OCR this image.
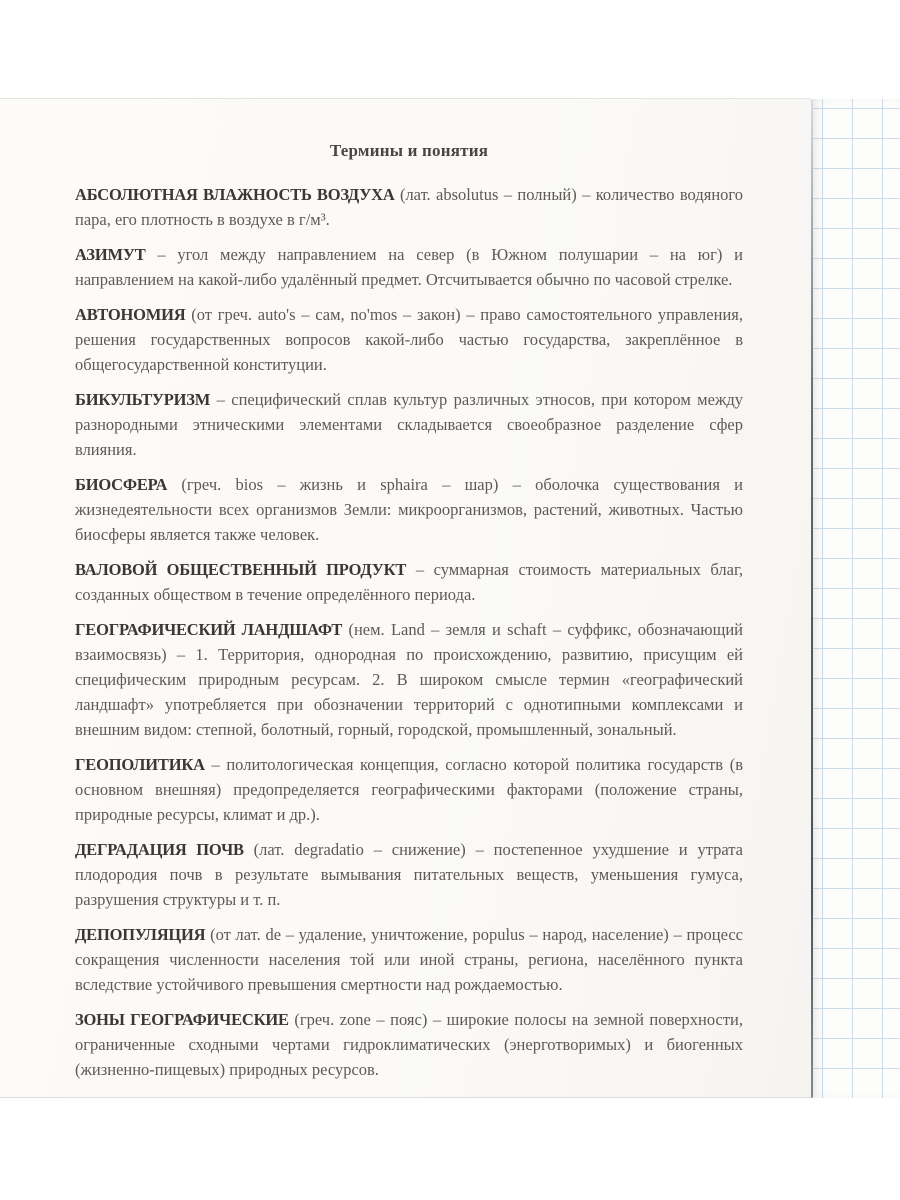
Термины и понятия

АБСОЛЮТНАЯ ВЛАЖНОСТЬ ВОЗДУХА (лат. absolutus – полный) – количество водяного пара, его плотность в воздухе в г/м³.

АЗИМУТ – угол между направлением на север (в Южном полушарии – на юг) и направлением на какой-либо удалённый предмет. Отсчитывается обычно по часовой стрелке.

АВТОНОМИЯ (от греч. auto's – сам, no'mos – закон) – право самостоятельного управления, решения государственных вопросов какой-либо частью государства, закреплённое в общегосударственной конституции.

БИКУЛЬТУРИЗМ – специфический сплав культур различных этносов, при котором между разнородными этническими элементами складывается своеобразное разделение сфер влияния.

БИОСФЕРА (греч. bios – жизнь и sphaira – шар) – оболочка существования и жизнедеятельности всех организмов Земли: микроорганизмов, растений, животных. Частью биосферы является также человек.

ВАЛОВОЙ ОБЩЕСТВЕННЫЙ ПРОДУКТ – суммарная стоимость материальных благ, созданных обществом в течение определённого периода.

ГЕОГРАФИЧЕСКИЙ ЛАНДШАФТ (нем. Land – земля и schaft – суффикс, обозначающий взаимосвязь) – 1. Территория, однородная по происхождению, развитию, присущим ей специфическим природным ресурсам. 2. В широком смысле термин «географический ландшафт» употребляется при обозначении территорий с однотипными комплексами и внешним видом: степной, болотный, горный, городской, промышленный, зональный.

ГЕОПОЛИТИКА – политологическая концепция, согласно которой политика государств (в основном внешняя) предопределяется географическими факторами (положение страны, природные ресурсы, климат и др.).

ДЕГРАДАЦИЯ ПОЧВ (лат. degradatio – снижение) – постепенное ухудшение и утрата плодородия почв в результате вымывания питательных веществ, уменьшения гумуса, разрушения структуры и т. п.

ДЕПОПУЛЯЦИЯ (от лат. de – удаление, уничтожение, populus – народ, население) – процесс сокращения численности населения той или иной страны, региона, населённого пункта вследствие устойчивого превышения смертности над рождаемостью.

ЗОНЫ ГЕОГРАФИЧЕСКИЕ (греч. zone – пояс) – широкие полосы на земной поверхности, ограниченные сходными чертами гидроклиматических (энерготворимых) и биогенных (жизненно-пищевых) природных ресурсов.
